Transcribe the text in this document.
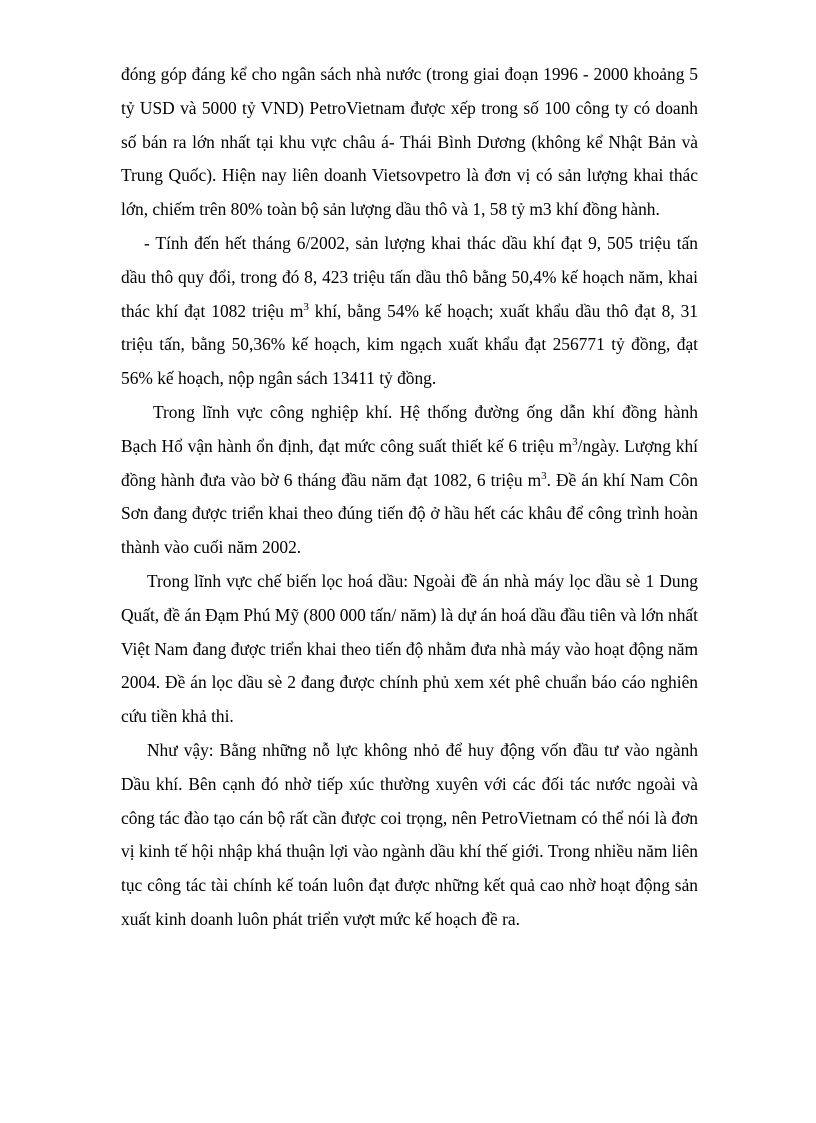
đóng góp đáng kể cho ngân sách nhà nước (trong giai đoạn 1996 - 2000 khoảng 5 tỷ USD và 5000 tỷ VND) PetroVietnam được xếp trong số 100 công ty có doanh số bán ra lớn nhất tại khu vực châu á- Thái Bình Dương (không kể Nhật Bản và Trung Quốc). Hiện nay liên doanh Vietsovpetro là đơn vị có sản lượng khai thác lớn, chiếm trên 80% toàn bộ sản lượng dầu thô và 1, 58 tỷ m3 khí đồng hành.

- Tính đến hết tháng 6/2002, sản lượng khai thác dầu khí đạt 9, 505 triệu tấn dầu thô quy đổi, trong đó 8, 423 triệu tấn dầu thô bằng 50,4% kế hoạch năm, khai thác khí đạt 1082 triệu $m^3$ khí, bằng 54% kế hoạch; xuất khẩu dầu thô đạt 8, 31 triệu tấn, bằng 50,36% kế hoạch, kim ngạch xuất khẩu đạt 256771 tỷ đồng, đạt 56% kế hoạch, nộp ngân sách 13411 tỷ đồng.

Trong lĩnh vực công nghiệp khí. Hệ thống đường ống dẫn khí đồng hành Bạch Hổ vận hành ổn định, đạt mức công suất thiết kế 6 triệu $m^3$/ngày. Lượng khí đồng hành đưa vào bờ 6 tháng đầu năm đạt 1082, 6 triệu $m^3$. Đề án khí Nam Côn Sơn đang được triển khai theo đúng tiến độ ở hầu hết các khâu để công trình hoàn thành vào cuối năm 2002.

Trong lĩnh vực chế biến lọc hoá dầu: Ngoài đề án nhà máy lọc dầu sè 1 Dung Quất, đề án Đạm Phú Mỹ (800 000 tấn/ năm) là dự án hoá dầu đầu tiên và lớn nhất Việt Nam đang được triển khai theo tiến độ nhằm đưa nhà máy vào hoạt động năm 2004. Đề án lọc dầu sè 2 đang được chính phủ xem xét phê chuẩn báo cáo nghiên cứu tiền khả thi.

Như vậy: Bằng những nỗ lực không nhỏ để huy động vốn đầu tư vào ngành Dầu khí. Bên cạnh đó nhờ tiếp xúc thường xuyên với các đối tác nước ngoài và công tác đào tạo cán bộ rất cần được coi trọng, nên PetroVietnam có thể nói là đơn vị kinh tế hội nhập khá thuận lợi vào ngành dầu khí thế giới. Trong nhiều năm liên tục công tác tài chính kế toán luôn đạt được những kết quả cao nhờ hoạt động sản xuất kinh doanh luôn phát triển vượt mức kế hoạch đề ra.
